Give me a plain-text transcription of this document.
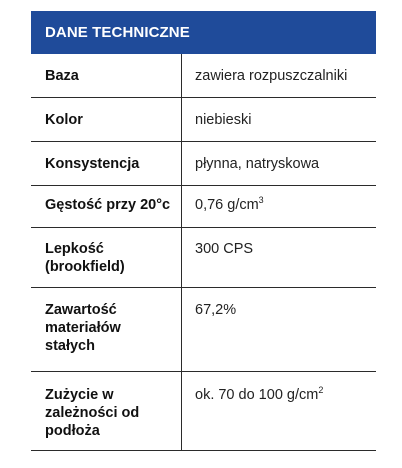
DANE TECHNICZNE
Baza	zawiera rozpuszczalniki
Kolor	niebieski
Konsystencja	płynna, natryskowa
Gęstość przy 20°c	0,76 $g/cm^3$
Lepkość (brookfield)	300 CPS
Zawartość materiałów stałych	67,2%
Zużycie w zależności od podłoża	ok. 70 do 100 $g/cm^2$
